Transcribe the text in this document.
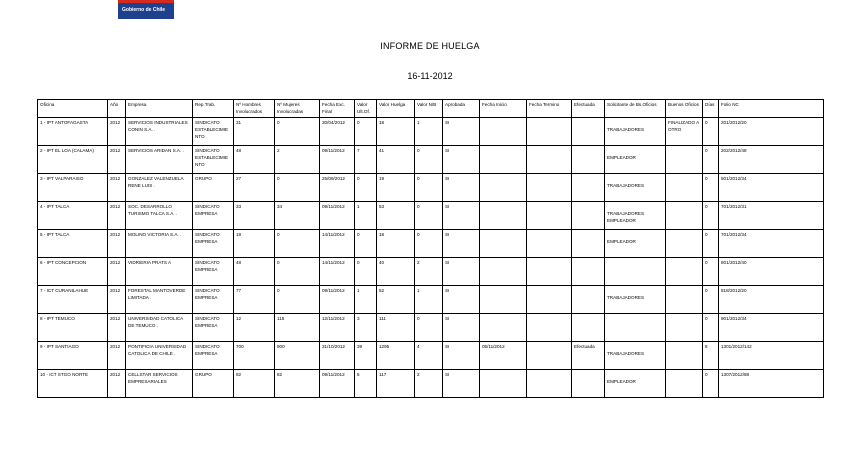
Gobierno de Chile
INFORME DE HUELGA
16-11-2012
Oficina	Año	Empresa	Rep.Trab.	Nº Hombres Involucrados	Nº Mujeres Involucradas	Fecha Exc. Final	Valor Ult.Of.	Valor Huelga	Valor N/B	Aprobada	Fecha Inicio	Fecha Termino	Efectuada	Solicitante de Bs.Oficios	Buenos Oficios	Días	Folio NC
1 - IPT ANTOFAGASTA	2012	SERVICIOS INDUSTRIALES CONIN S.A. .	SINDICATO ESTABLECIMIENTO	31	0	30/04/2012	0	18	1	SI				TRABAJADORES	FINALIZADO A OTRO	0	201/2012/20
2 - IPT EL LOA (CALAMA)	2012	SERVICIOS ARIDAN S.A. .	SINDICATO ESTABLECIMIENTO	48	2	09/11/2012	7	41	0	SI				EMPLEADOR		0	202/2012/48
3 - IPT VALPARAISO	2012	GONZALEZ VALENZUELA RENE LUIS .	GRUPO	27	0	25/09/2012	0	19	0	SI				TRABAJADORES		0	501/2012/34
4 - IPT TALCA	2012	SOC. DESARROLLO TURISMO TALCA S.A. .	SINDICATO EMPRESA	33	34	09/11/2012	1	53	0	SI				TRABAJADORES EMPLEADOR		0	701/2012/31
5 - IPT TALCA	2012	MOLINO VICTORIA S.A. .	SINDICATO EMPRESA	18	0	14/11/2012	0	18	0	SI				EMPLEADOR		0	701/2012/34
6 - IPT CONCEPCION	2012	VIDRIERIA PRATS A	SINDICATO EMPRESA	48	0	14/11/2012	0	40	2	SI						0	801/2012/40
7 - ICT CURANILAHUE	2012	FORESTAL MANTOVERDE LIMITADA .	SINDICATO EMPRESA	77	0	09/11/2012	1	52	1	SI				TRABAJADORES		0	818/2012/20
8 - IPT TEMUCO	2012	UNIVERSIDAD CATOLICA DE TEMUCO .	SINDICATO EMPRESA	12	115	12/11/2012	3	111	0	SI						0	901/2012/34
9 - IPT SANTIAGO	2012	PONTIFICIA UNIVERSIDAD CATOLICA DE CHILE .	SINDICATO EMPRESA	700	900	31/10/2012	39	1295	4	SI	05/11/2012		Efectuada	TRABAJADORES		8	1301/2012/142
10 - ICT STGO NORTE	2012	CELLSTAR SERVICIOS EMPRESARIALES	GRUPO	82	82	09/11/2012	5	117	2	SI				EMPLEADOR		0	1307/2012/88
